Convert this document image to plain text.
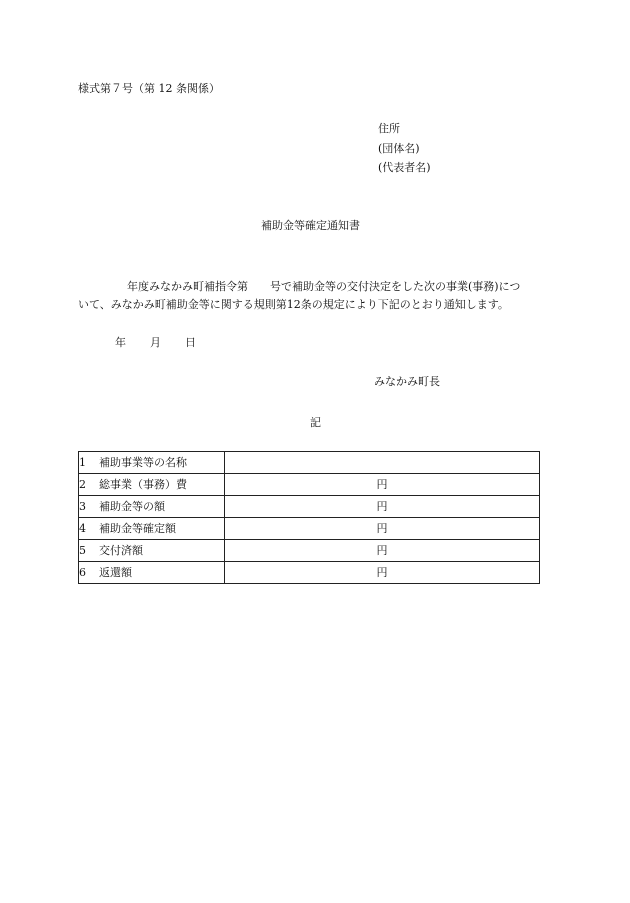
様式第７号（第 12 条関係）
住所
(団体名)
(代表者名)
補助金等確定通知書
年度みなかみ町補指令第　　号で補助金等の交付決定をした次の事業(事務)につ
いて、みなかみ町補助金等に関する規則第12条の規定により下記のとおり通知します。
年 月 日
みなかみ町長
記
1 補助事業等の名称	
2 総事業（事務）費	円
3 補助金等の額	円
4 補助金等確定額	円
5 交付済額	円
6 返還額	円
